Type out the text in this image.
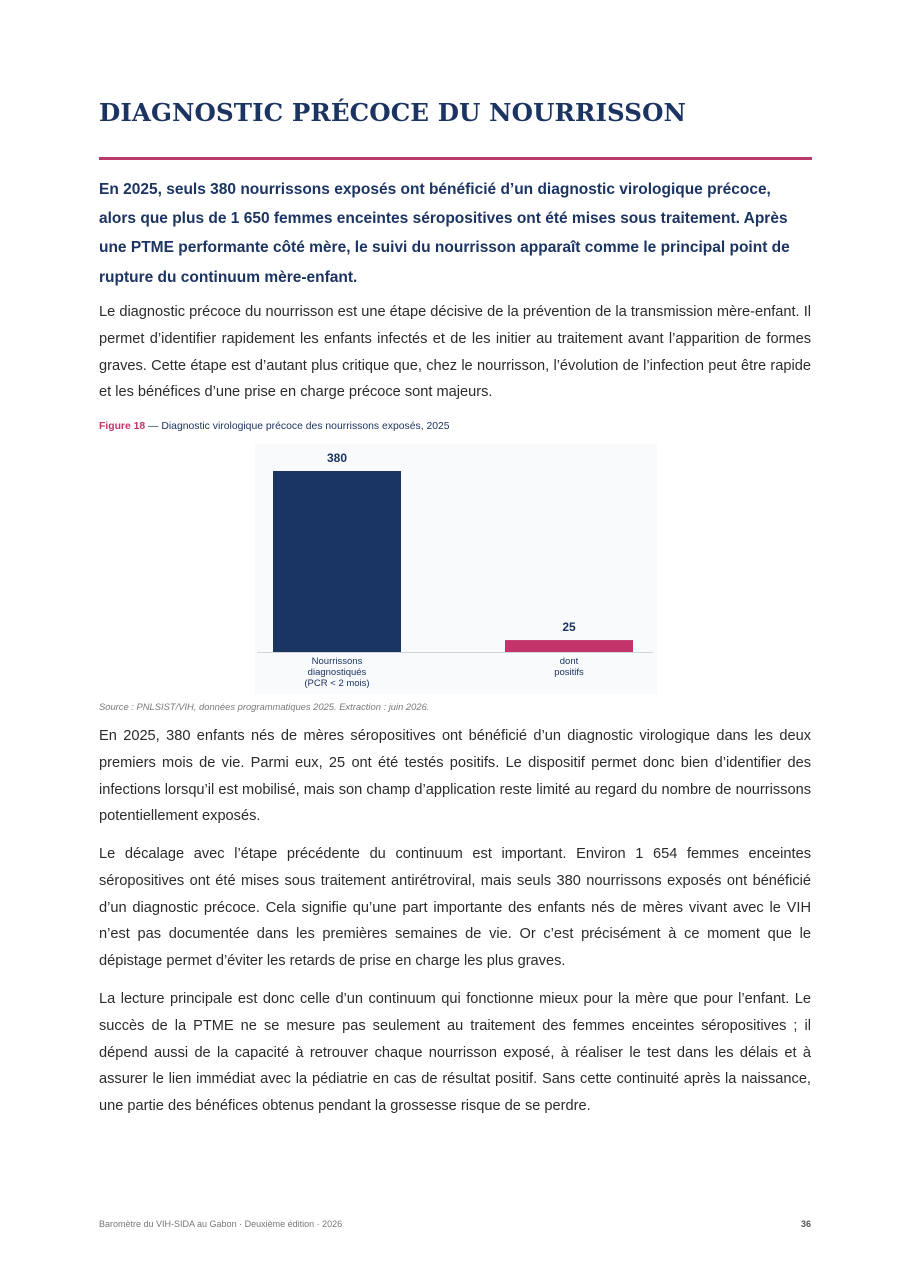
DIAGNOSTIC PRÉCOCE DU NOURRISSON

En 2025, seuls 380 nourrissons exposés ont bénéficié d’un diagnostic virologique précoce, alors que plus de 1 650 femmes enceintes séropositives ont été mises sous traitement. Après une PTME performante côté mère, le suivi du nourrisson apparaît comme le principal point de rupture du continuum mère-enfant.

Le diagnostic précoce du nourrisson est une étape décisive de la prévention de la transmission mère-enfant. Il permet d’identifier rapidement les enfants infectés et de les initier au traitement avant l’apparition de formes graves. Cette étape est d’autant plus critique que, chez le nourrisson, l’évolution de l’infection peut être rapide et les bénéfices d’une prise en charge précoce sont majeurs.

Figure 18 — Diagnostic virologique précoce des nourrissons exposés, 2025
380
Nourrissons diagnostiqués (PCR < 2 mois)
25
dont positifs
Source : PNLSIST/VIH, données programmatiques 2025. Extraction : juin 2026.

En 2025, 380 enfants nés de mères séropositives ont bénéficié d’un diagnostic virologique dans les deux premiers mois de vie. Parmi eux, 25 ont été testés positifs. Le dispositif permet donc bien d’identifier des infections lorsqu’il est mobilisé, mais son champ d’application reste limité au regard du nombre de nourrissons potentiellement exposés.

Le décalage avec l’étape précédente du continuum est important. Environ 1 654 femmes enceintes séropositives ont été mises sous traitement antirétroviral, mais seuls 380 nourrissons exposés ont bénéficié d’un diagnostic précoce. Cela signifie qu’une part importante des enfants nés de mères vivant avec le VIH n’est pas documentée dans les premières semaines de vie. Or c’est précisément à ce moment que le dépistage permet d’éviter les retards de prise en charge les plus graves.

La lecture principale est donc celle d’un continuum qui fonctionne mieux pour la mère que pour l’enfant. Le succès de la PTME ne se mesure pas seulement au traitement des femmes enceintes séropositives ; il dépend aussi de la capacité à retrouver chaque nourrisson exposé, à réaliser le test dans les délais et à assurer le lien immédiat avec la pédiatrie en cas de résultat positif. Sans cette continuité après la naissance, une partie des bénéfices obtenus pendant la grossesse risque de se perdre.

Baromètre du VIH-SIDA au Gabon · Deuxième édition · 2026	36
